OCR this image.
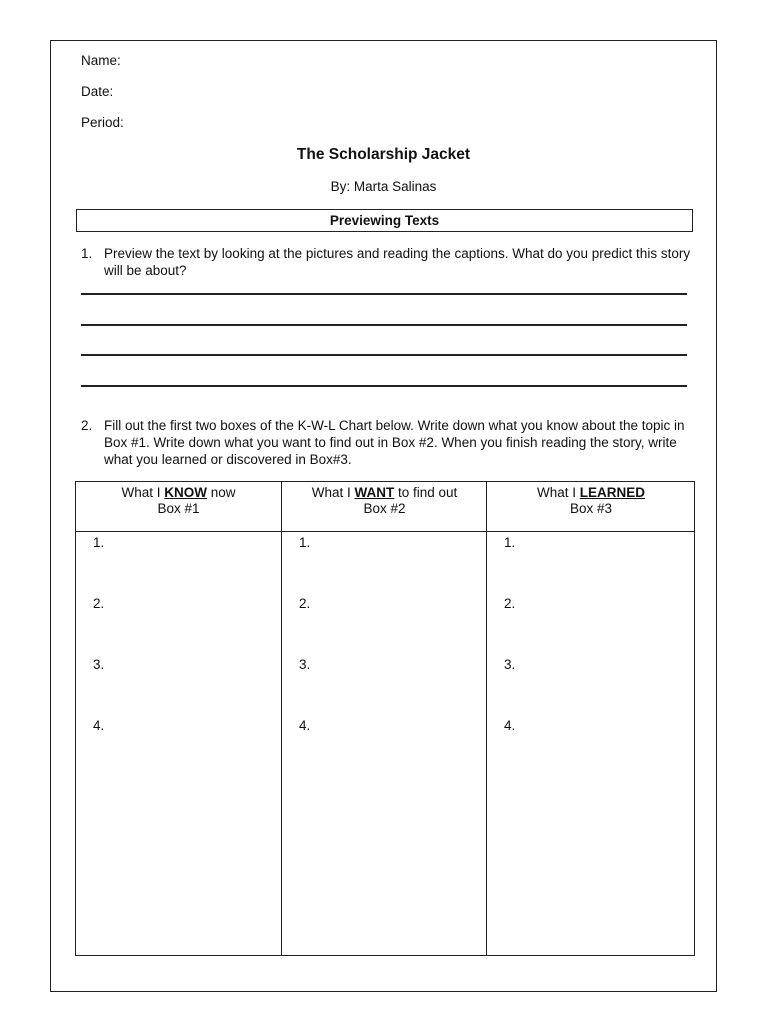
Name:
Date:
Period:
The Scholarship Jacket
By: Marta Salinas
Previewing Texts
1. Preview the text by looking at the pictures and reading the captions. What do you predict this story will be about?
2. Fill out the first two boxes of the K-W-L Chart below. Write down what you know about the topic in Box #1. Write down what you want to find out in Box #2. When you finish reading the story, write what you learned or discovered in Box#3.
What I KNOW now
Box #1
1.
2.
3.
4.
What I WANT to find out
Box #2
1.
2.
3.
4.
What I LEARNED
Box #3
1.
2.
3.
4.
